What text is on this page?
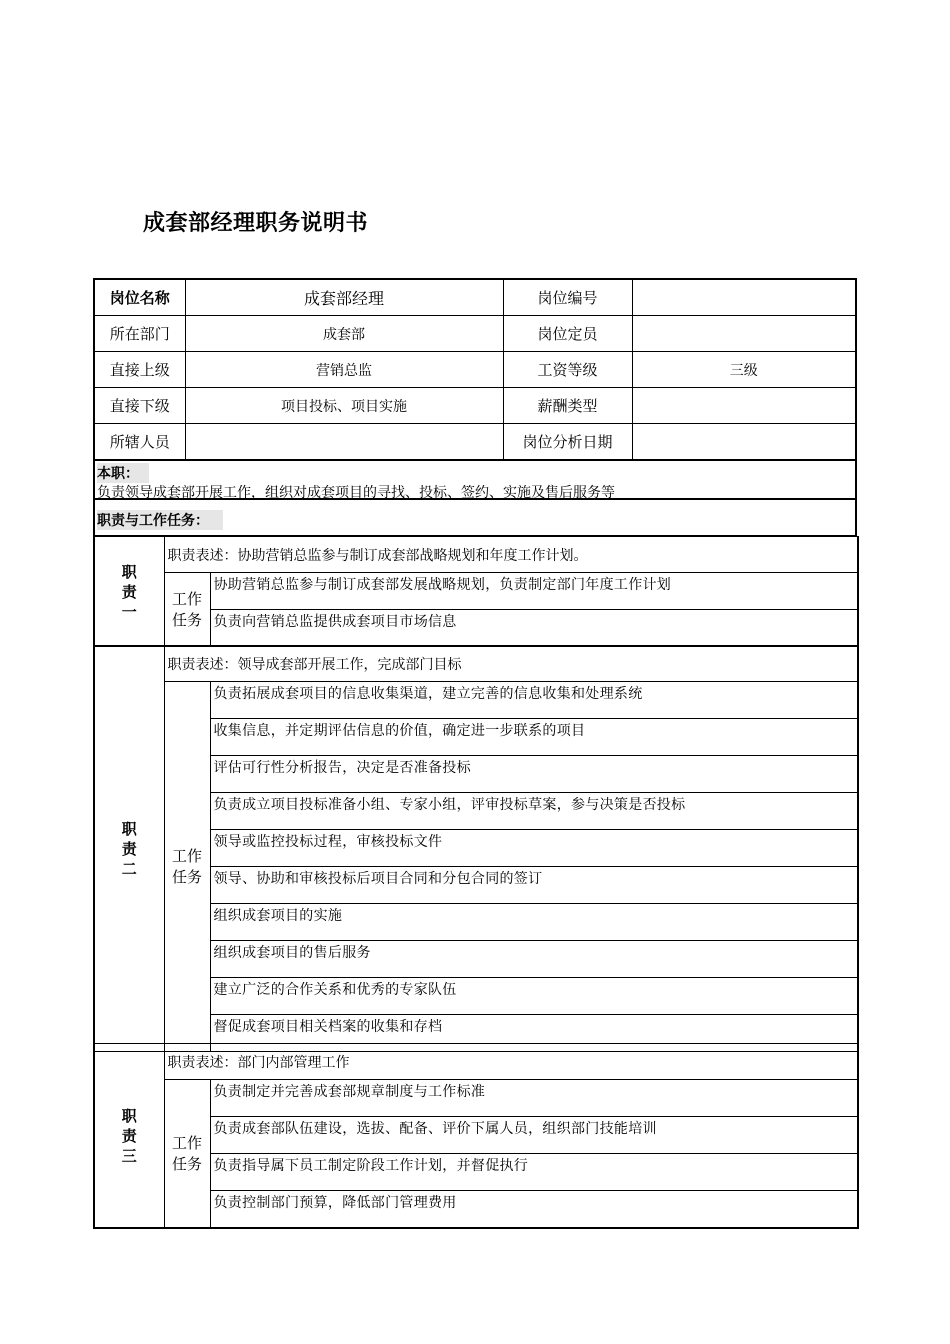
成套部经理职务说明书
岗位名称	成套部经理	岗位编号	
所在部门	成套部	岗位定员	
直接上级	营销总监	工资等级	三级
直接下级	项目投标、项目实施	薪酬类型	
所辖人员		岗位分析日期	
本职：
负责领导成套部开展工作，组织对成套项目的寻找、投标、签约、实施及售后服务等
职责与工作任务：
职
责
一	职责表述：协助营销总监参与制订成套部战略规划和年度工作计划。	

	工作
任务	协助营销总监参与制订成套部发展战略规划，负责制定部门年度工作计划
		负责向营销总监提供成套项目市场信息
职
责
二	职责表述：领导成套部开展工作，完成部门目标	

	工作
任务	负责拓展成套项目的信息收集渠道，建立完善的信息收集和处理系统
		收集信息，并定期评估信息的价值，确定进一步联系的项目
		评估可行性分析报告，决定是否准备投标
		负责成立项目投标准备小组、专家小组，评审投标草案，参与决策是否投标
		领导或监控投标过程，审核投标文件
		领导、协助和审核投标后项目合同和分包合同的签订
		组织成套项目的实施
		组织成套项目的售后服务
		建立广泛的合作关系和优秀的专家队伍
		督促成套项目相关档案的收集和存档
职
责
三	职责表述：部门内部管理工作	

	工作
任务	负责制定并完善成套部规章制度与工作标准
		负责成套部队伍建设，选拔、配备、评价下属人员，组织部门技能培训
		负责指导属下员工制定阶段工作计划，并督促执行
		负责控制部门预算，降低部门管理费用
